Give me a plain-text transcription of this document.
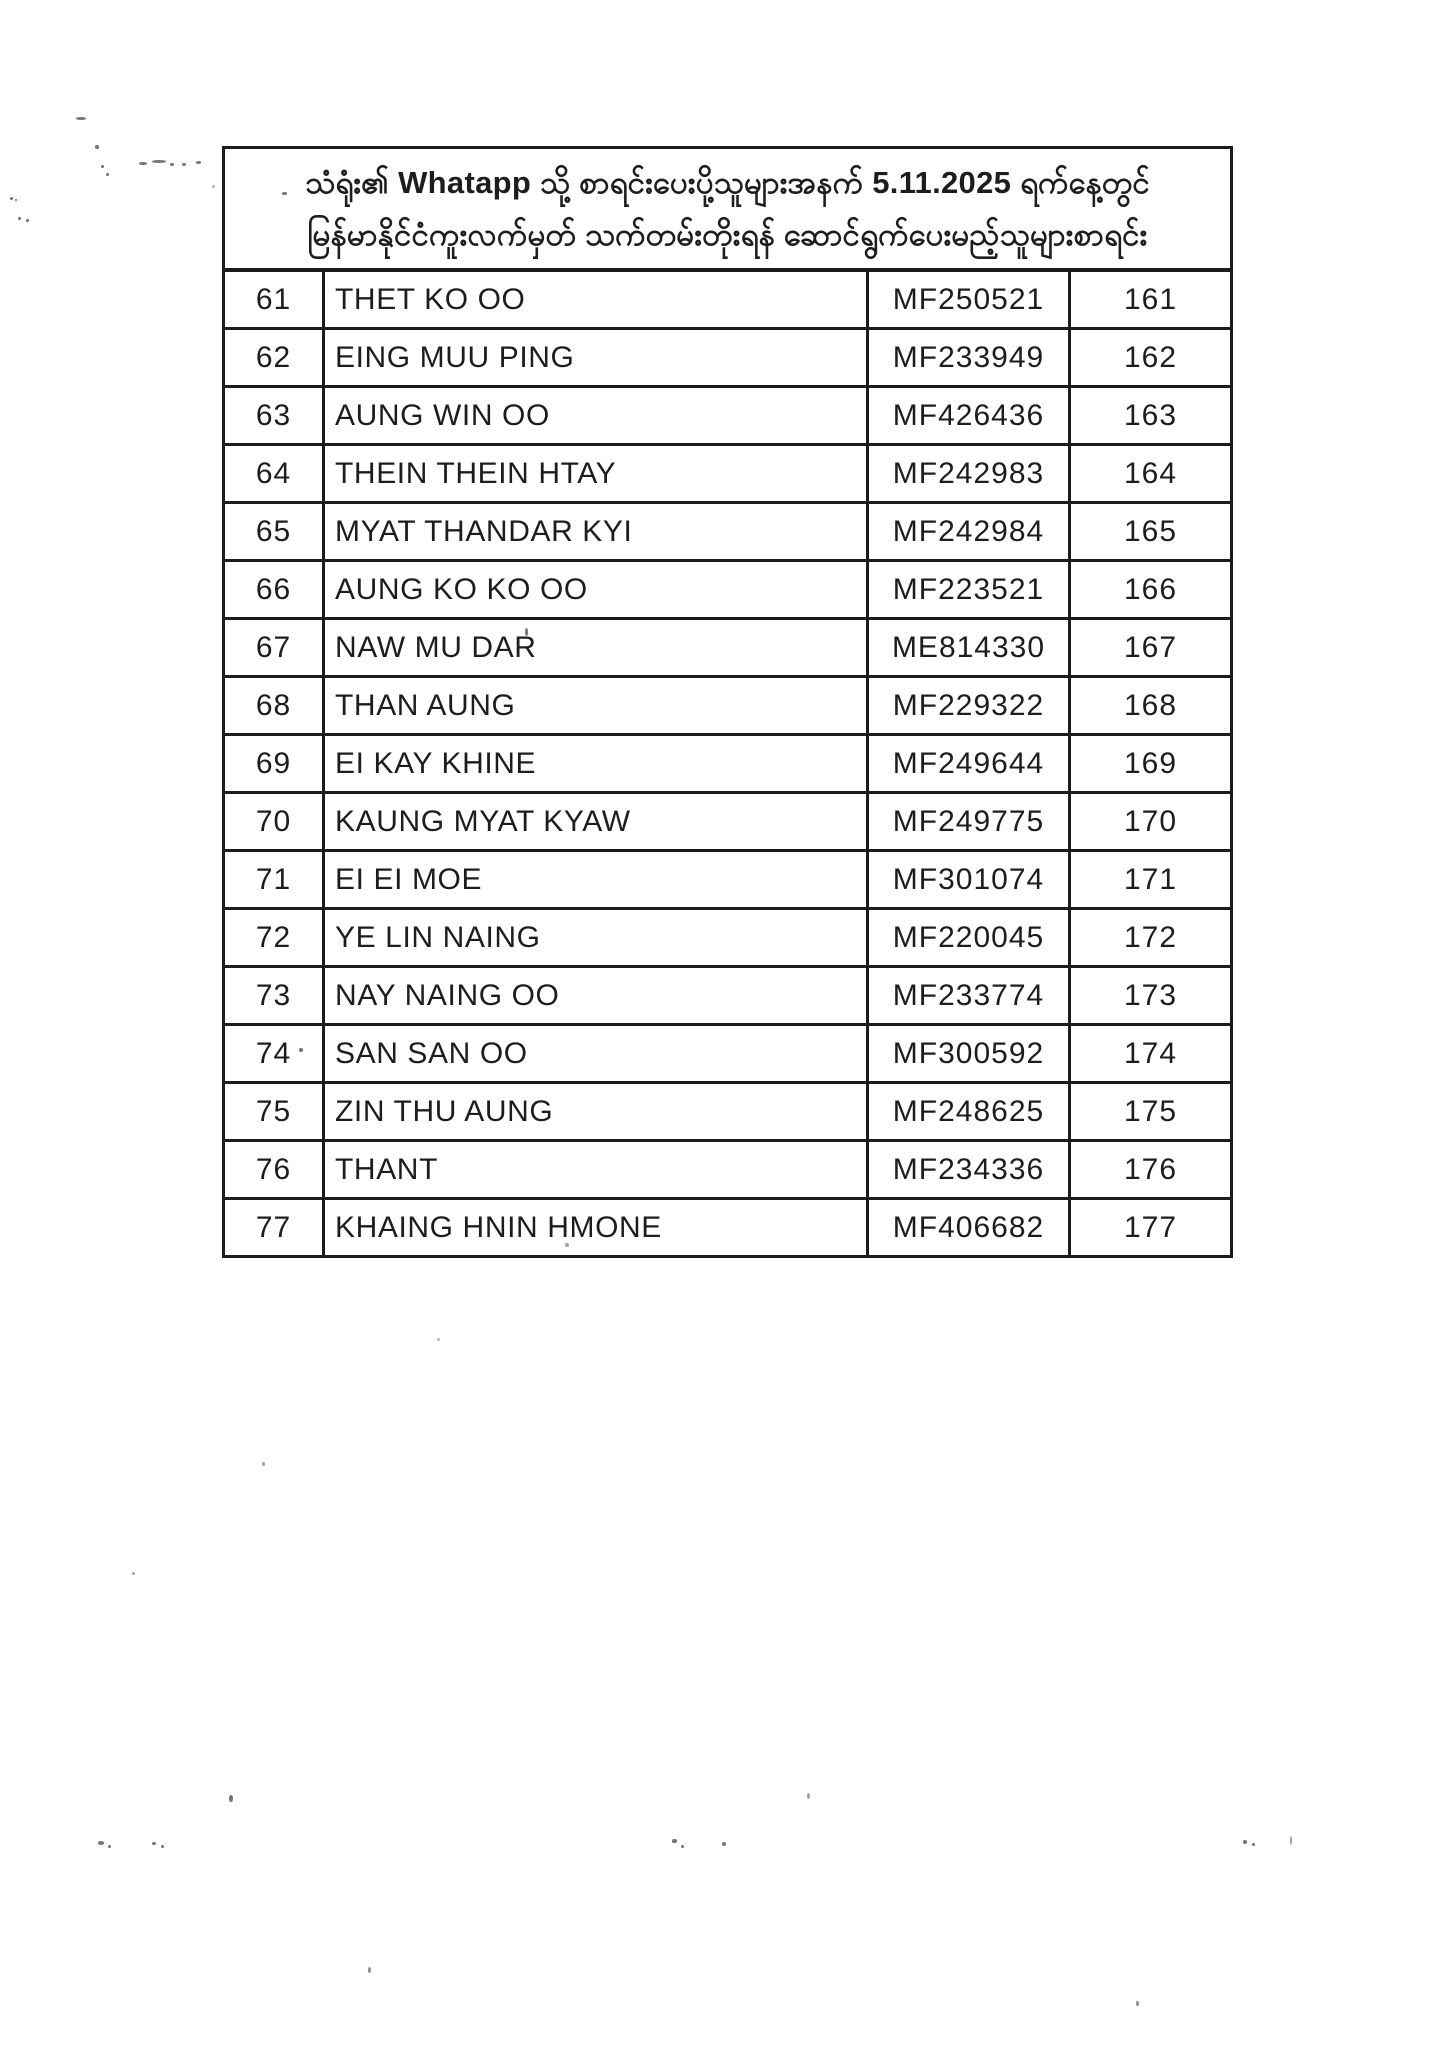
သံရုံး၏ Whatapp သို့ စာရင်းပေးပို့သူများအနက် 5.11.2025 ရက်နေ့တွင်
မြန်မာနိုင်ငံကူးလက်မှတ် သက်တမ်းတိုးရန် ဆောင်ရွက်ပေးမည့်သူများစာရင်း			

61	THET KO OO	MF250521	161
62	EING MUU PING	MF233949	162
63	AUNG WIN OO	MF426436	163
64	THEIN THEIN HTAY	MF242983	164
65	MYAT THANDAR KYI	MF242984	165
66	AUNG KO KO OO	MF223521	166
67	NAW MU DAR	ME814330	167
68	THAN AUNG	MF229322	168
69	EI KAY KHINE	MF249644	169
70	KAUNG MYAT KYAW	MF249775	170
71	EI EI MOE	MF301074	171
72	YE LIN NAING	MF220045	172
73	NAY NAING OO	MF233774	173
74	SAN SAN OO	MF300592	174
75	ZIN THU AUNG	MF248625	175
76	THANT	MF234336	176
77	KHAING HNIN HMONE	MF406682	177
